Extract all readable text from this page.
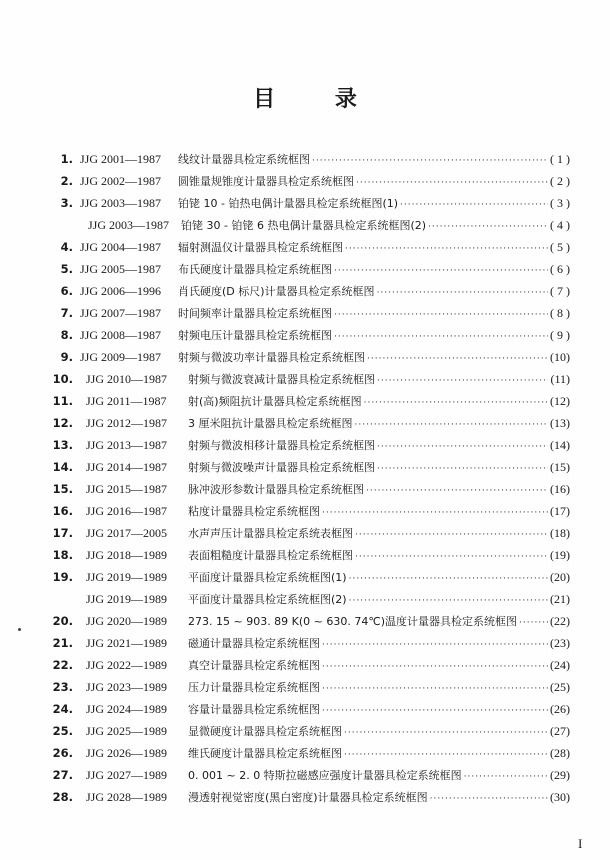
目 录
1. JJG 2001—1987 线纹计量器具检定系统框图 ·····	( 1 )
2. JJG 2002—1987 圆锥量规锥度计量器具检定系统框图 ·····	( 2 )
3. JJG 2003—1987 铂铑 10 - 铂热电偶计量器具检定系统框图(1) ·····	( 3 )
JJG 2003—1987 铂铑 30 - 铂铑 6 热电偶计量器具检定系统框图(2) ·····	( 4 )
4. JJG 2004—1987 辐射测温仪计量器具检定系统框图 ·····	( 5 )
5. JJG 2005—1987 布氏硬度计量器具检定系统框图 ·····	( 6 )
6. JJG 2006—1996 肖氏硬度(D 标尺)计量器具检定系统框图 ·····	( 7 )
7. JJG 2007—1987 时间频率计量器具检定系统框图 ·····	( 8 )
8. JJG 2008—1987 射频电压计量器具检定系统框图 ·····	( 9 )
9. JJG 2009—1987 射频与微波功率计量器具检定系统框图 ·····	(10)
10. JJG 2010—1987 射频与微波衰减计量器具检定系统框图 ·····	(11)
11. JJG 2011—1987 射(高)频阻抗计量器具检定系统框图 ·····	(12)
12. JJG 2012—1987 3 厘米阻抗计量器具检定系统框图 ·····	(13)
13. JJG 2013—1987 射频与微波相移计量器具检定系统框图 ·····	(14)
14. JJG 2014—1987 射频与微波噪声计量器具检定系统框图 ·····	(15)
15. JJG 2015—1987 脉冲波形参数计量器具检定系统框图 ·····	(16)
16. JJG 2016—1987 粘度计量器具检定系统框图 ·····	(17)
17. JJG 2017—2005 水声声压计量器具检定系统表框图 ·····	(18)
18. JJG 2018—1989 表面粗糙度计量器具检定系统框图 ·····	(19)
19. JJG 2019—1989 平面度计量器具检定系统框图(1) ·····	(20)
JJG 2019—1989 平面度计量器具检定系统框图(2) ·····	(21)
20. JJG 2020—1989 273. 15 ~ 903. 89 K(0 ~ 630. 74℃)温度计量器具检定系统框图 ·····	(22)
21. JJG 2021—1989 磁通计量器具检定系统框图 ·····	(23)
22. JJG 2022—1989 真空计量器具检定系统框图 ·····	(24)
23. JJG 2023—1989 压力计量器具检定系统框图 ·····	(25)
24. JJG 2024—1989 容量计量器具检定系统框图 ·····	(26)
25. JJG 2025—1989 显微硬度计量器具检定系统框图 ·····	(27)
26. JJG 2026—1989 维氏硬度计量器具检定系统框图 ·····	(28)
27. JJG 2027—1989 0. 001 ~ 2. 0 特斯拉磁感应强度计量器具检定系统框图 ·····	(29)
28. JJG 2028—1989 漫透射视觉密度(黑白密度)计量器具检定系统框图 ·····	(30)
I
